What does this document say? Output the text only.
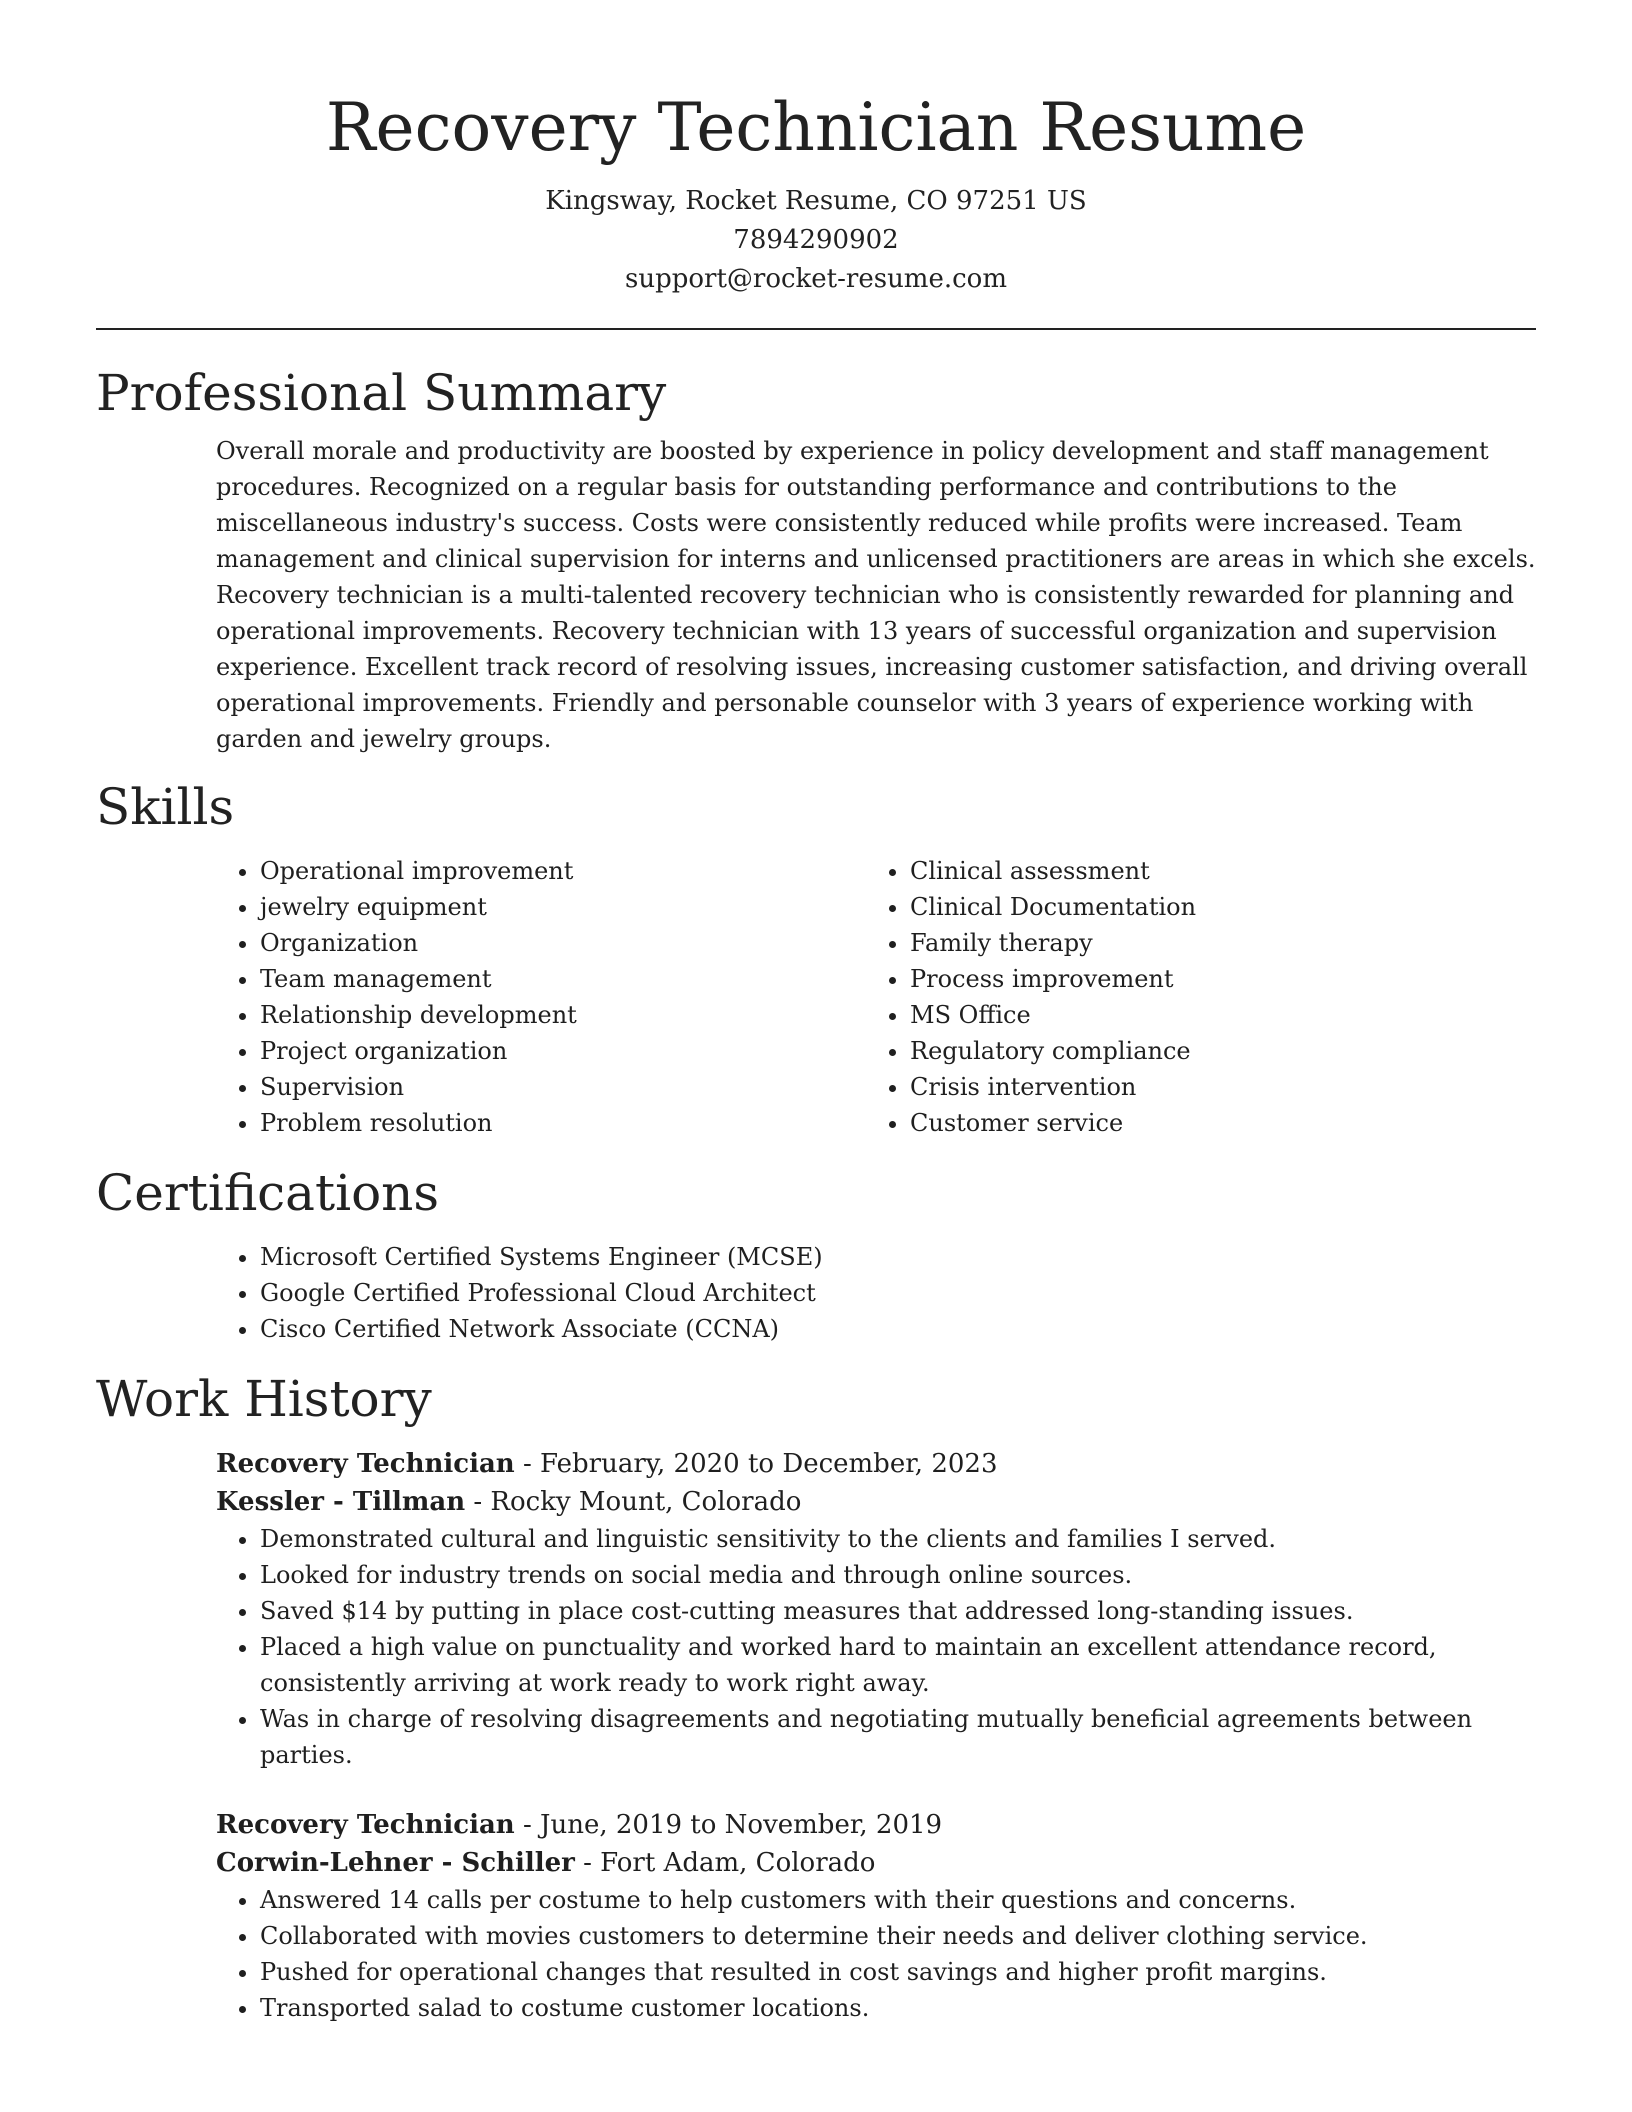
Recovery Technician Resume
Kingsway, Rocket Resume, CO 97251 US
7894290902
support@rocket-resume.com
Professional Summary

Overall morale and productivity are boosted by experience in policy development and staff management procedures. Recognized on a regular basis for outstanding performance and contributions to the miscellaneous industry's success. Costs were consistently reduced while profits were increased. Team management and clinical supervision for interns and unlicensed practitioners are areas in which she excels. Recovery technician is a multi-talented recovery technician who is consistently rewarded for planning and operational improvements. Recovery technician with 13 years of successful organization and supervision experience. Excellent track record of resolving issues, increasing customer satisfaction, and driving overall operational improvements. Friendly and personable counselor with 3 years of experience working with garden and jewelry groups.

Skills
• Operational improvement
• jewelry equipment
• Organization
• Team management
• Relationship development
• Project organization
• Supervision
• Problem resolution
• Clinical assessment
• Clinical Documentation
• Family therapy
• Process improvement
• MS Office
• Regulatory compliance
• Crisis intervention
• Customer service
Certifications
• Microsoft Certified Systems Engineer (MCSE)
• Google Certified Professional Cloud Architect
• Cisco Certified Network Associate (CCNA)
Work History
Recovery Technician - February, 2020 to December, 2023
Kessler - Tillman - Rocky Mount, Colorado
• Demonstrated cultural and linguistic sensitivity to the clients and families I served.
• Looked for industry trends on social media and through online sources.
• Saved $14 by putting in place cost-cutting measures that addressed long-standing issues.
• Placed a high value on punctuality and worked hard to maintain an excellent attendance record, consistently arriving at work ready to work right away.
• Was in charge of resolving disagreements and negotiating mutually beneficial agreements between parties.
Recovery Technician - June, 2019 to November, 2019
Corwin-Lehner - Schiller - Fort Adam, Colorado
• Answered 14 calls per costume to help customers with their questions and concerns.
• Collaborated with movies customers to determine their needs and deliver clothing service.
• Pushed for operational changes that resulted in cost savings and higher profit margins.
• Transported salad to costume customer locations.
